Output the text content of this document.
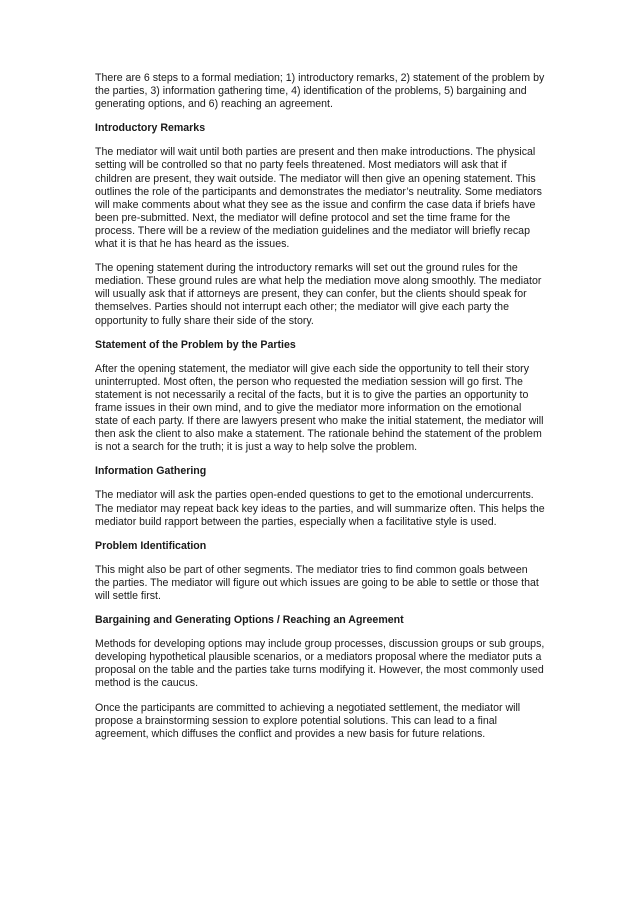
There are 6 steps to a formal mediation; 1) introductory remarks, 2) statement of the problem by the parties, 3) information gathering time, 4) identification of the problems, 5) bargaining and generating options, and 6) reaching an agreement.

Introductory Remarks

The mediator will wait until both parties are present and then make introductions. The physical setting will be controlled so that no party feels threatened. Most mediators will ask that if children are present, they wait outside. The mediator will then give an opening statement. This outlines the role of the participants and demonstrates the mediator’s neutrality. Some mediators will make comments about what they see as the issue and confirm the case data if briefs have been pre-submitted. Next, the mediator will define protocol and set the time frame for the process. There will be a review of the mediation guidelines and the mediator will briefly recap what it is that he has heard as the issues.

The opening statement during the introductory remarks will set out the ground rules for the mediation. These ground rules are what help the mediation move along smoothly. The mediator will usually ask that if attorneys are present, they can confer, but the clients should speak for themselves. Parties should not interrupt each other; the mediator will give each party the opportunity to fully share their side of the story.

Statement of the Problem by the Parties

After the opening statement, the mediator will give each side the opportunity to tell their story uninterrupted. Most often, the person who requested the mediation session will go first. The statement is not necessarily a recital of the facts, but it is to give the parties an opportunity to frame issues in their own mind, and to give the mediator more information on the emotional state of each party. If there are lawyers present who make the initial statement, the mediator will then ask the client to also make a statement. The rationale behind the statement of the problem is not a search for the truth; it is just a way to help solve the problem.

Information Gathering

The mediator will ask the parties open-ended questions to get to the emotional undercurrents. The mediator may repeat back key ideas to the parties, and will summarize often. This helps the mediator build rapport between the parties, especially when a facilitative style is used.

Problem Identification

This might also be part of other segments. The mediator tries to find common goals between the parties. The mediator will figure out which issues are going to be able to settle or those that will settle first.

Bargaining and Generating Options / Reaching an Agreement

Methods for developing options may include group processes, discussion groups or sub groups, developing hypothetical plausible scenarios, or a mediators proposal where the mediator puts a proposal on the table and the parties take turns modifying it. However, the most commonly used method is the caucus.

Once the participants are committed to achieving a negotiated settlement, the mediator will propose a brainstorming session to explore potential solutions. This can lead to a final agreement, which diffuses the conflict and provides a new basis for future relations.
